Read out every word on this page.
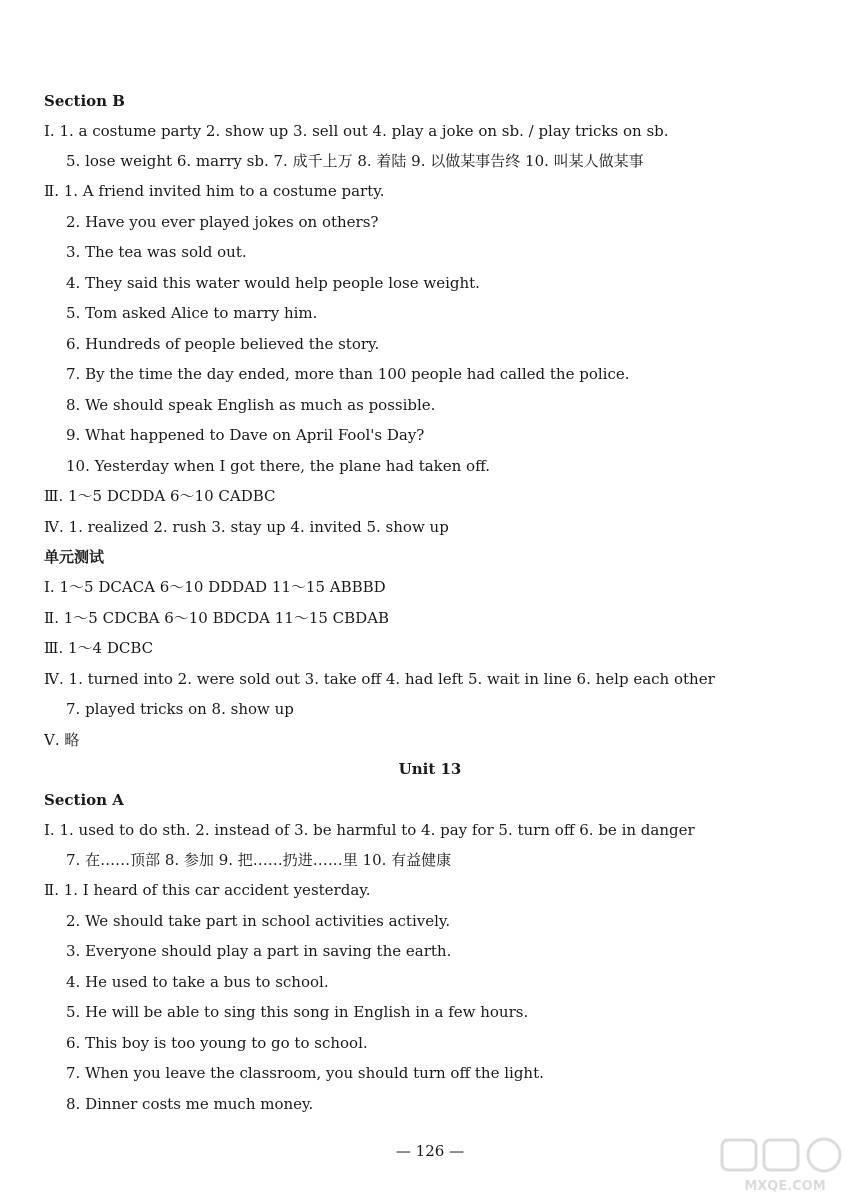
Section B
Ⅰ. 1. a costume party 2. show up 3. sell out 4. play a joke on sb. / play tricks on sb.
5. lose weight 6. marry sb. 7. 成千上万 8. 着陆 9. 以做某事告终 10. 叫某人做某事
Ⅱ. 1. A friend invited him to a costume party.
2. Have you ever played jokes on others?
3. The tea was sold out.
4. They said this water would help people lose weight.
5. Tom asked Alice to marry him.
6. Hundreds of people believed the story.
7. By the time the day ended, more than 100 people had called the police.
8. We should speak English as much as possible.
9. What happened to Dave on April Fool's Day?
10. Yesterday when I got there, the plane had taken off.
Ⅲ. 1～5 DCDDA 6～10 CADBC
Ⅳ. 1. realized 2. rush 3. stay up 4. invited 5. show up
单元测试
Ⅰ. 1～5 DCACA 6～10 DDDAD 11～15 ABBBD
Ⅱ. 1～5 CDCBA 6～10 BDCDA 11～15 CBDAB
Ⅲ. 1～4 DCBC
Ⅳ. 1. turned into 2. were sold out 3. take off 4. had left 5. wait in line 6. help each other
7. played tricks on 8. show up
Ⅴ. 略
Unit 13
Section A
Ⅰ. 1. used to do sth. 2. instead of 3. be harmful to 4. pay for 5. turn off 6. be in danger
7. 在……顶部 8. 参加 9. 把……扔进……里 10. 有益健康
Ⅱ. 1. I heard of this car accident yesterday.
2. We should take part in school activities actively.
3. Everyone should play a part in saving the earth.
4. He used to take a bus to school.
5. He will be able to sing this song in English in a few hours.
6. This boy is too young to go to school.
7. When you leave the classroom, you should turn off the light.
8. Dinner costs me much money.
— 126 —
MXQE.COM
